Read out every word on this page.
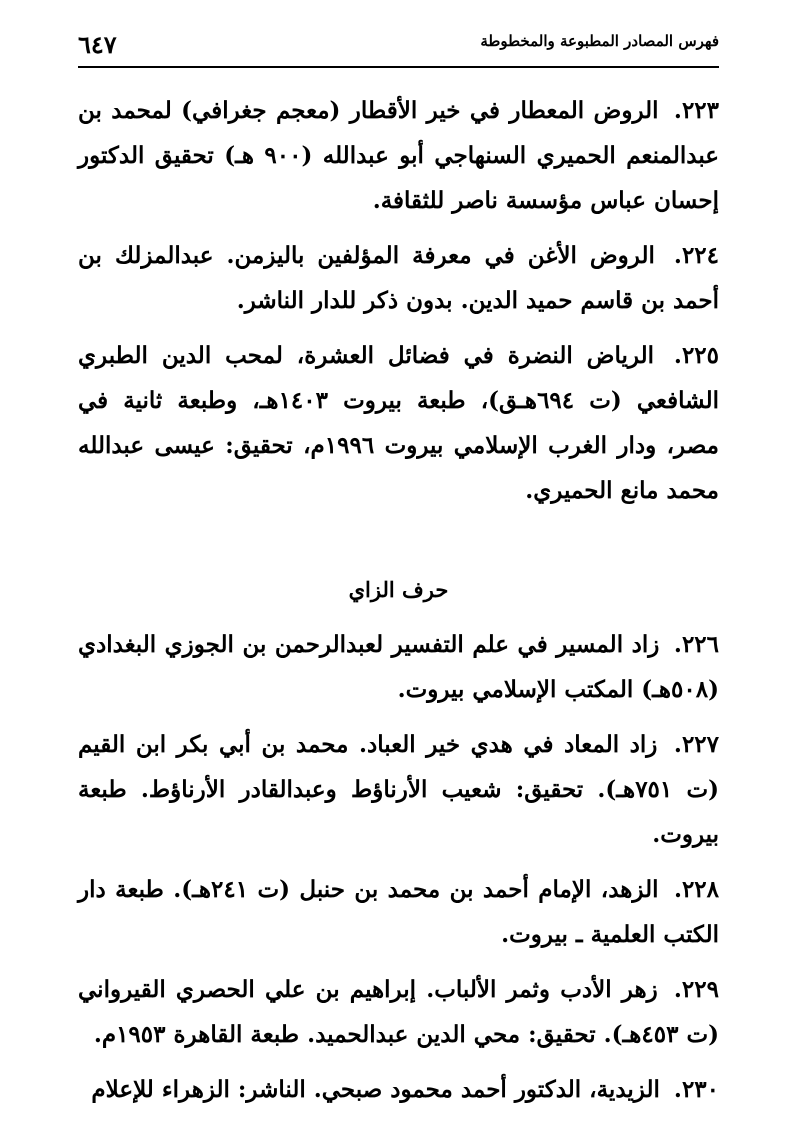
فهرس المصادر المطبوعة والمخطوطة
٦٤٧

٢٢٣. الروض المعطار في خير الأقطار (معجم جغرافي) لمحمد بن عبدالمنعم الحميري السنهاجي أبو عبدالله (٩٠٠ هـ) تحقيق الدكتور إحسان عباس مؤسسة ناصر للثقافة.

٢٢٤. الروض الأغن في معرفة المؤلفين باليزمن. عبدالمزلك بن أحمد بن قاسم حميد الدين. بدون ذكر للدار الناشر.

٢٢٥. الرياض النضرة في فضائل العشرة، لمحب الدين الطبري الشافعي (ت ٦٩٤هـق)، طبعة بيروت ١٤٠٣هـ، وطبعة ثانية في مصر، ودار الغرب الإسلامي بيروت ١٩٩٦م، تحقيق: عيسى عبدالله محمد مانع الحميري.

حرف الزاي

٢٢٦. زاد المسير في علم التفسير لعبدالرحمن بن الجوزي البغدادي (٥٠٨هـ) المكتب الإسلامي بيروت.

٢٢٧. زاد المعاد في هدي خير العباد. محمد بن أبي بكر ابن القيم (ت ٧٥١هـ). تحقيق: شعيب الأرناؤط وعبدالقادر الأرناؤط. طبعة بيروت.

٢٢٨. الزهد، الإمام أحمد بن محمد بن حنبل (ت ٢٤١هـ). طبعة دار الكتب العلمية ـ بيروت.

٢٢٩. زهر الأدب وثمر الألباب. إبراهيم بن علي الحصري القيرواني (ت ٤٥٣هـ). تحقيق: محي الدين عبدالحميد. طبعة القاهرة ١٩٥٣م.

٢٣٠. الزيدية، الدكتور أحمد محمود صبحي. الناشر: الزهراء للإعلام
